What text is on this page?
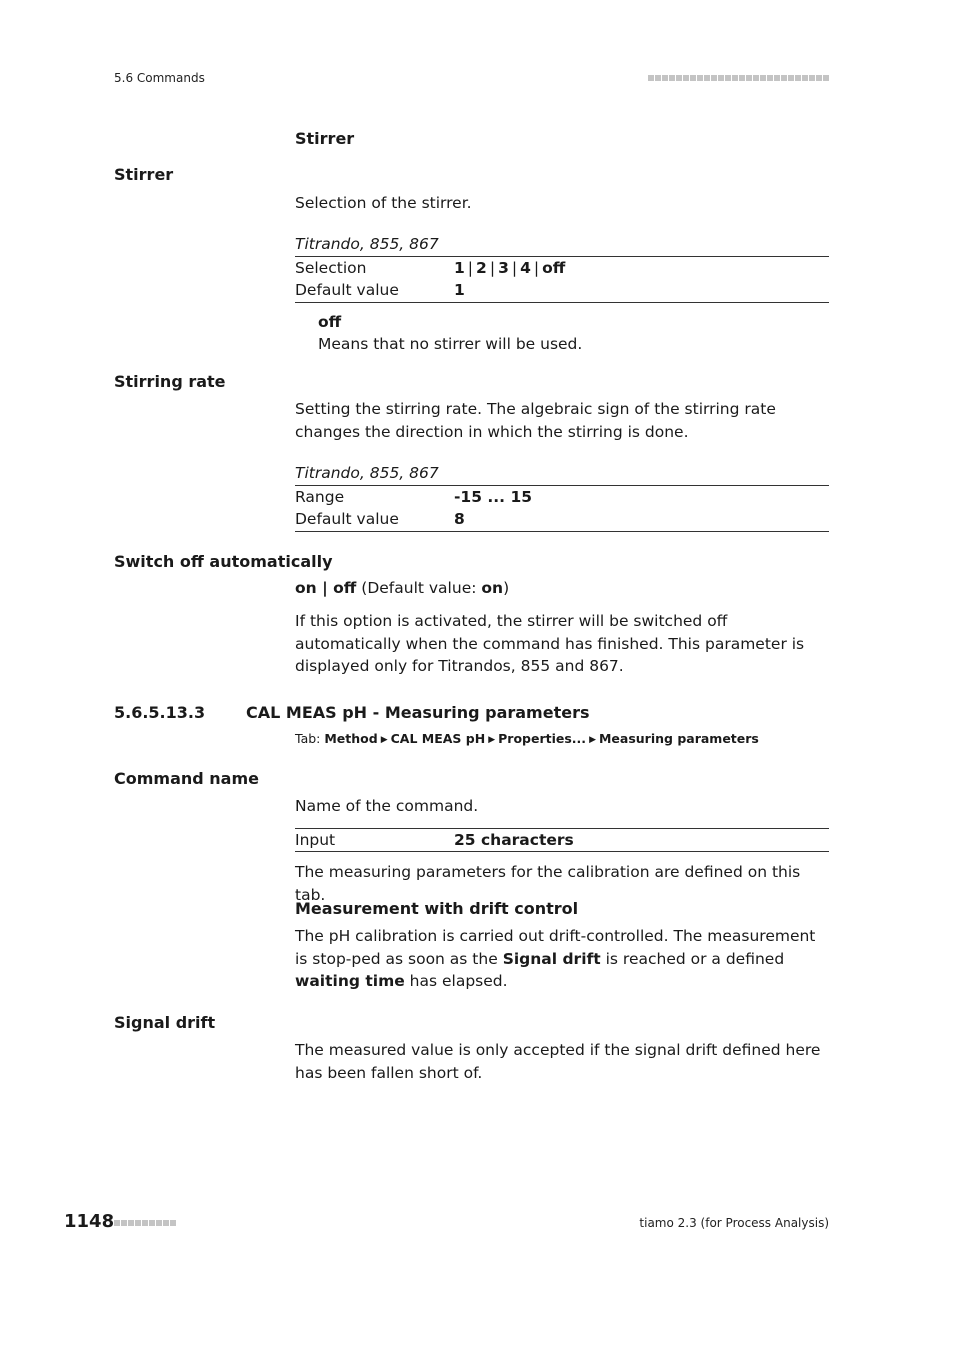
5.6 Commands
Stirrer
Stirrer
Selection of the stirrer.
Titrando, 855, 867
Selection	1 | 2 | 3 | 4 | off
Default value	1
off
Means that no stirrer will be used.
Stirring rate
Setting the stirring rate. The algebraic sign of the stirring rate changes the direction in which the stirring is done.
Titrando, 855, 867
Range	-15 ... 15
Default value	8
Switch off automatically
on | off (Default value: on)
If this option is activated, the stirrer will be switched off automatically when the command has finished. This parameter is displayed only for Titrandos, 855 and 867.
5.6.5.13.3	CAL MEAS pH - Measuring parameters
Tab: Method ▶ CAL MEAS pH ▶ Properties... ▶ Measuring parameters
Command name
Name of the command.
Input	25 characters
The measuring parameters for the calibration are defined on this tab.
Measurement with drift control
The pH calibration is carried out drift-controlled. The measurement is stop-ped as soon as the Signal drift is reached or a defined waiting time has elapsed.
Signal drift
The measured value is only accepted if the signal drift defined here has been fallen short of.
1148	tiamo 2.3 (for Process Analysis)
